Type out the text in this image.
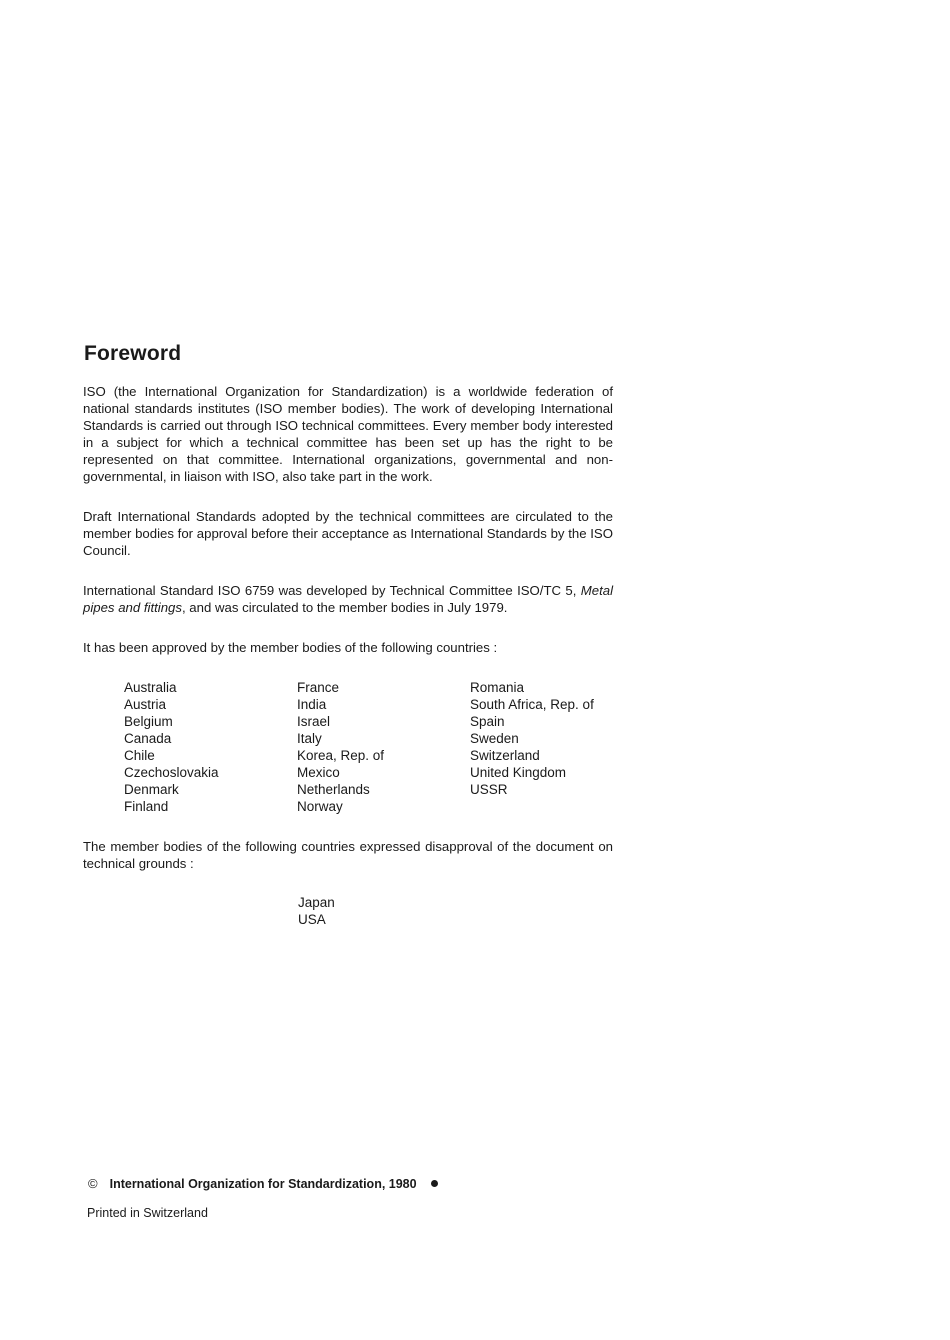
Foreword

ISO (the International Organization for Standardization) is a worldwide federation of national standards institutes (ISO member bodies). The work of developing International Standards is carried out through ISO technical committees. Every member body interested in a subject for which a technical committee has been set up has the right to be represented on that committee. International organizations, governmental and non-governmental, in liaison with ISO, also take part in the work.

Draft International Standards adopted by the technical committees are circulated to the member bodies for approval before their acceptance as International Standards by the ISO Council.

International Standard ISO 6759 was developed by Technical Committee ISO/TC 5, Metal pipes and fittings, and was circulated to the member bodies in July 1979.

It has been approved by the member bodies of the following countries :

Australia
Austria
Belgium
Canada
Chile
Czechoslovakia
Denmark
Finland
France
India
Israel
Italy
Korea, Rep. of
Mexico
Netherlands
Norway
Romania
South Africa, Rep. of
Spain
Sweden
Switzerland
United Kingdom
USSR

The member bodies of the following countries expressed disapproval of the document on technical grounds :

Japan
USA
© International Organization for Standardization, 1980
Printed in Switzerland
